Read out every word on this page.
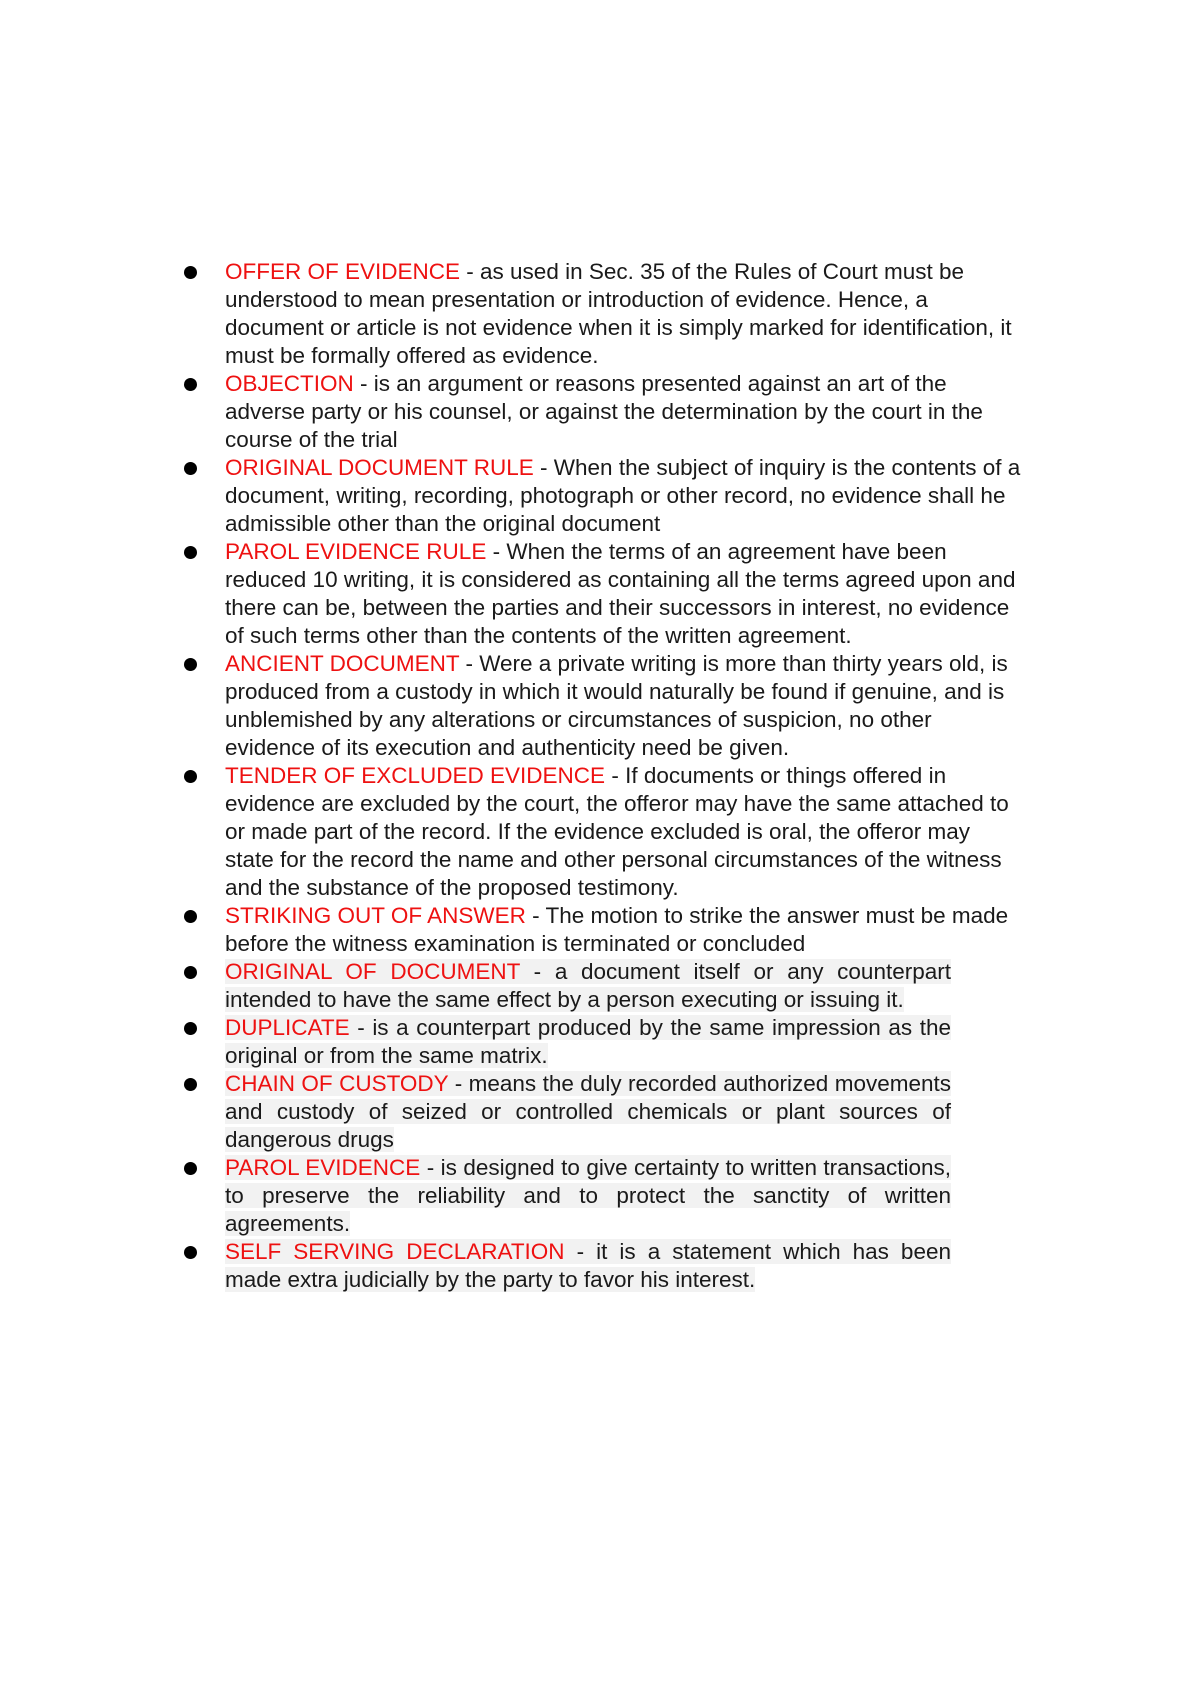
OFFER OF EVIDENCE - as used in Sec. 35 of the Rules of Court must be understood to mean presentation or introduction of evidence. Hence, a document or article is not evidence when it is simply marked for identification, it must be formally offered as evidence.
OBJECTION - is an argument or reasons presented against an art of the adverse party or his counsel, or against the determination by the court in the course of the trial
ORIGINAL DOCUMENT RULE - When the subject of inquiry is the contents of a document, writing, recording, photograph or other record, no evidence shall he admissible other than the original document
PAROL EVIDENCE RULE - When the terms of an agreement have been reduced 10 writing, it is considered as containing all the terms agreed upon and there can be, between the parties and their successors in interest, no evidence of such terms other than the contents of the written agreement.
ANCIENT DOCUMENT - Were a private writing is more than thirty years old, is produced from a custody in which it would naturally be found if genuine, and is unblemished by any alterations or circumstances of suspicion, no other evidence of its execution and authenticity need be given.
TENDER OF EXCLUDED EVIDENCE - If documents or things offered in evidence are excluded by the court, the offeror may have the same attached to or made part of the record. If the evidence excluded is oral, the offeror may state for the record the name and other personal circumstances of the witness and the substance of the proposed testimony.
STRIKING OUT OF ANSWER - The motion to strike the answer must be made before the witness examination is terminated or concluded
ORIGINAL OF DOCUMENT - a document itself or any counterpart intended to have the same effect by a person executing or issuing it.
DUPLICATE - is a counterpart produced by the same impression as the original or from the same matrix.
CHAIN OF CUSTODY - means the duly recorded authorized movements and custody of seized or controlled chemicals or plant sources of dangerous drugs
PAROL EVIDENCE - is designed to give certainty to written transactions, to preserve the reliability and to protect the sanctity of written agreements.
SELF SERVING DECLARATION - it is a statement which has been made extra judicially by the party to favor his interest.
